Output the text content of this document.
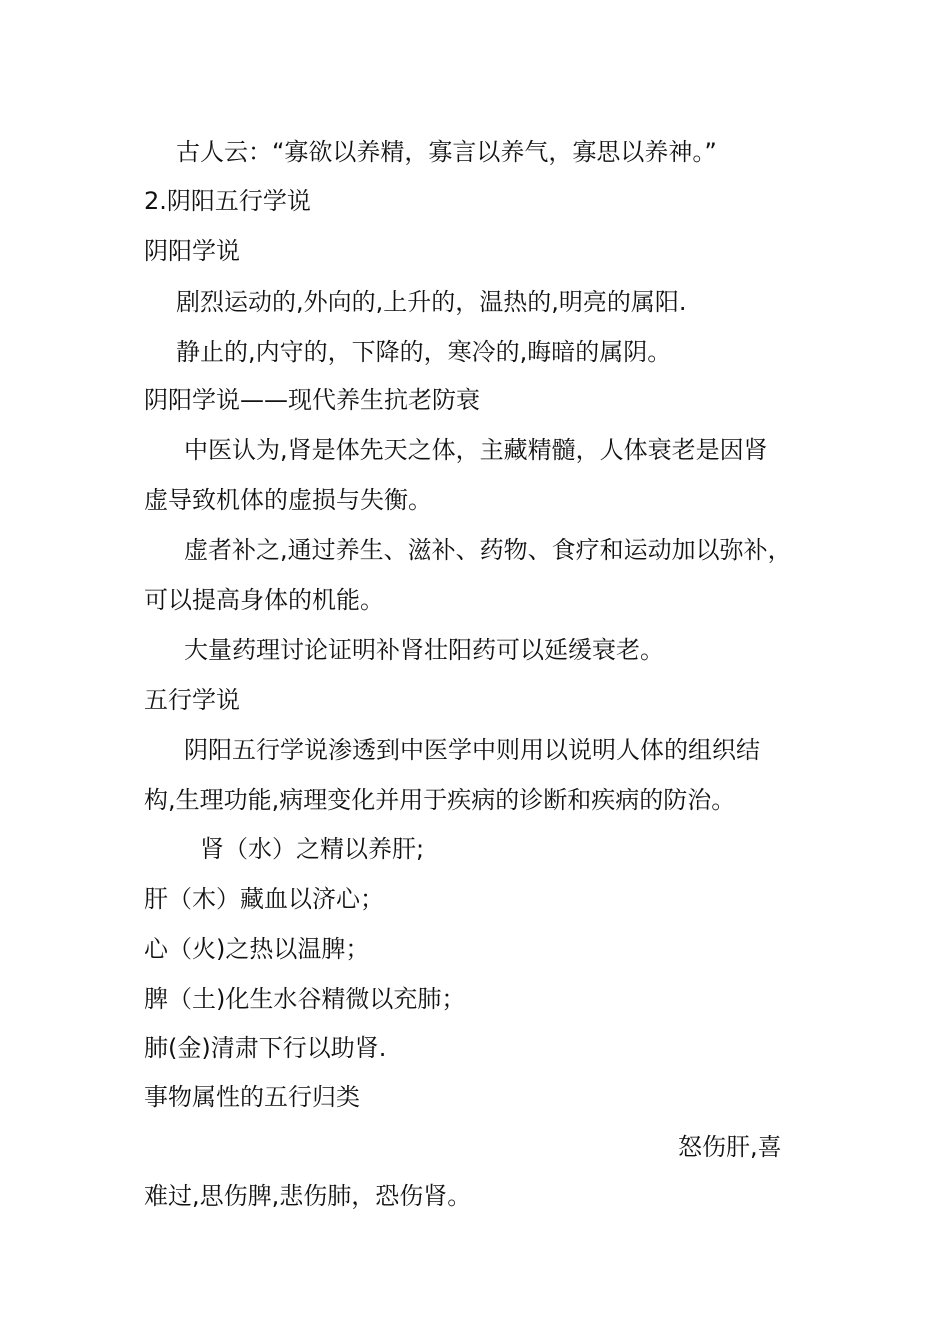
古人云：“寡欲以养精，寡言以养气，寡思以养神。”
2.阴阳五行学说
阴阳学说
剧烈运动的,外向的,上升的，温热的,明亮的属阳.
静止的,内守的，下降的，寒冷的,晦暗的属阴。
阴阳学说——现代养生抗老防衰
中医认为,肾是体先天之体，主藏精髓，人体衰老是因肾
虚导致机体的虚损与失衡。
虚者补之,通过养生、滋补、药物、食疗和运动加以弥补，
可以提高身体的机能。
大量药理讨论证明补肾壮阳药可以延缓衰老。
五行学说
阴阳五行学说渗透到中医学中则用以说明人体的组织结
构,生理功能,病理变化并用于疾病的诊断和疾病的防治。
肾（水）之精以养肝;
肝（木）藏血以济心；
心（火)之热以温脾；
脾（土)化生水谷精微以充肺；
肺(金)清肃下行以助肾.
事物属性的五行归类
怒伤肝,喜
难过,思伤脾,悲伤肺，恐伤肾。
